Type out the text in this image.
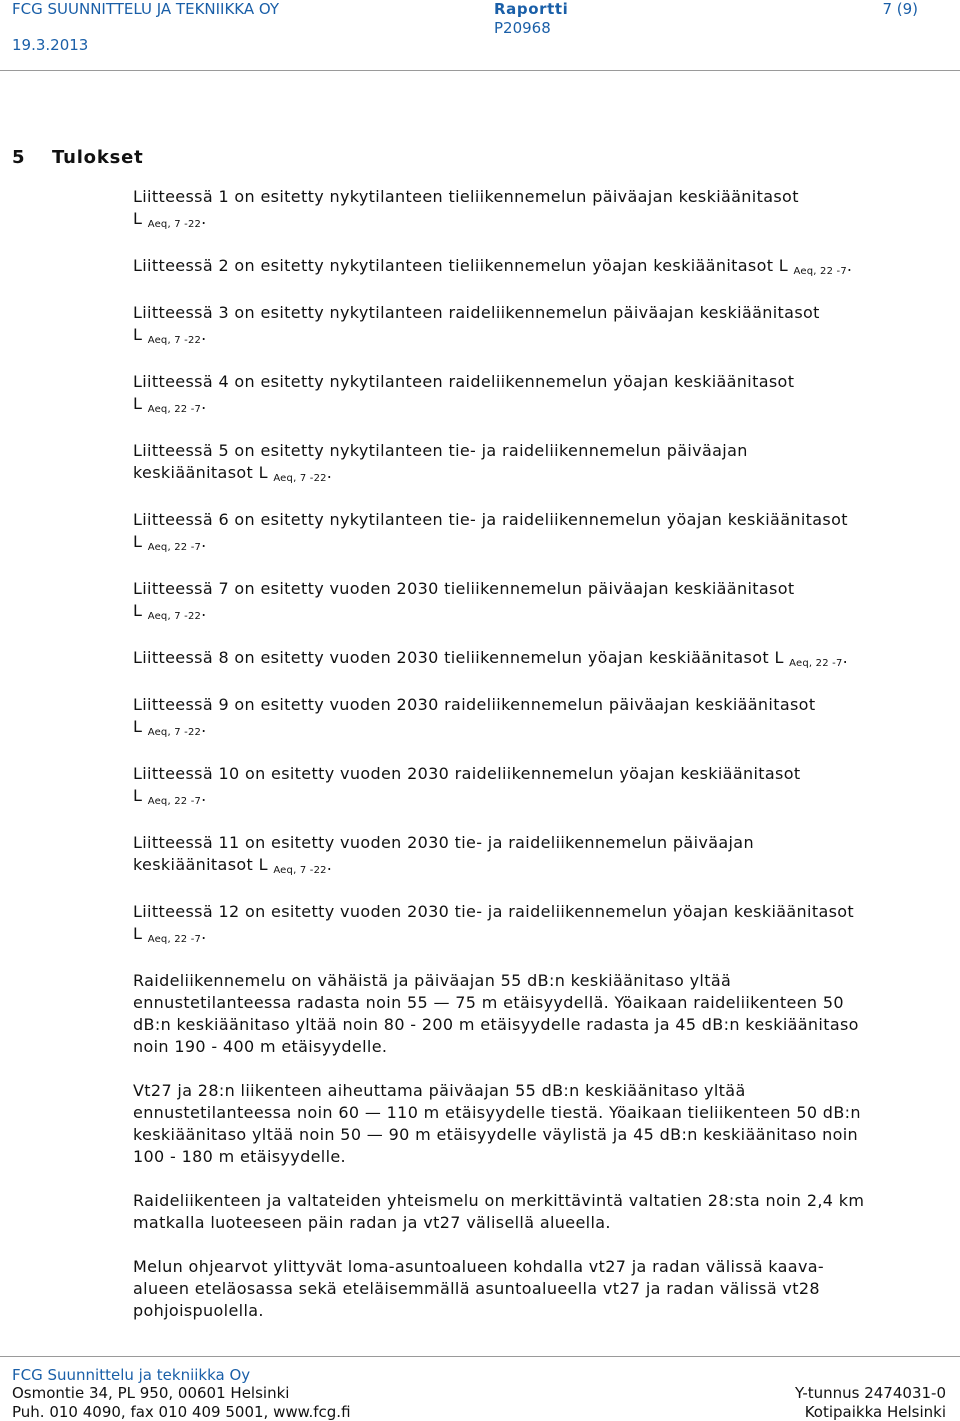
FCG SUUNNITTELU JA TEKNIIKKA OY
19.3.2013
Raportti
P20968
7 (9)
5 Tulokset
Liitteessä 1 on esitetty nykytilanteen tieliikennemelun päiväajan keskiäänitasot
L $_{Aeq, 7 -22}$.
Liitteessä 2 on esitetty nykytilanteen tieliikennemelun yöajan keskiäänitasot L $_{Aeq, 22 -7}$.
Liitteessä 3 on esitetty nykytilanteen raideliikennemelun päiväajan keskiäänitasot
L $_{Aeq, 7 -22}$.
Liitteessä 4 on esitetty nykytilanteen raideliikennemelun yöajan keskiäänitasot
L $_{Aeq, 22 -7}$.
Liitteessä 5 on esitetty nykytilanteen tie- ja raideliikennemelun päiväajan
keskiäänitasot L $_{Aeq, 7 -22}$.
Liitteessä 6 on esitetty nykytilanteen tie- ja raideliikennemelun yöajan keskiäänitasot
L $_{Aeq, 22 -7}$.
Liitteessä 7 on esitetty vuoden 2030 tieliikennemelun päiväajan keskiäänitasot
L $_{Aeq, 7 -22}$.
Liitteessä 8 on esitetty vuoden 2030 tieliikennemelun yöajan keskiäänitasot L $_{Aeq, 22 -7}$.
Liitteessä 9 on esitetty vuoden 2030 raideliikennemelun päiväajan keskiäänitasot
L $_{Aeq, 7 -22}$.
Liitteessä 10 on esitetty vuoden 2030 raideliikennemelun yöajan keskiäänitasot
L $_{Aeq, 22 -7}$.
Liitteessä 11 on esitetty vuoden 2030 tie- ja raideliikennemelun päiväajan
keskiäänitasot L $_{Aeq, 7 -22}$.
Liitteessä 12 on esitetty vuoden 2030 tie- ja raideliikennemelun yöajan keskiäänitasot
L $_{Aeq, 22 -7}$.
Raideliikennemelu on vähäistä ja päiväajan 55 dB:n keskiäänitaso yltää
ennustetilanteessa radasta noin 55 — 75 m etäisyydellä. Yöaikaan raideliikenteen 50
dB:n keskiäänitaso yltää noin 80 - 200 m etäisyydelle radasta ja 45 dB:n keskiäänitaso
noin 190 - 400 m etäisyydelle.
Vt27 ja 28:n liikenteen aiheuttama päiväajan 55 dB:n keskiäänitaso yltää
ennustetilanteessa noin 60 — 110 m etäisyydelle tiestä. Yöaikaan tieliikenteen 50 dB:n
keskiäänitaso yltää noin 50 — 90 m etäisyydelle väylistä ja 45 dB:n keskiäänitaso noin
100 - 180 m etäisyydelle.
Raideliikenteen ja valtateiden yhteismelu on merkittävintä valtatien 28:sta noin 2,4 km
matkalla luoteeseen päin radan ja vt27 välisellä alueella.
Melun ohjearvot ylittyvät loma-asuntoalueen kohdalla vt27 ja radan välissä kaava-
alueen eteläosassa sekä eteläisemmällä asuntoalueella vt27 ja radan välissä vt28
pohjoispuolella.
FCG Suunnittelu ja tekniikka Oy
Osmontie 34, PL 950, 00601 Helsinki
Puh. 010 4090, fax 010 409 5001, www.fcg.fi
Y-tunnus 2474031-0
Kotipaikka Helsinki
